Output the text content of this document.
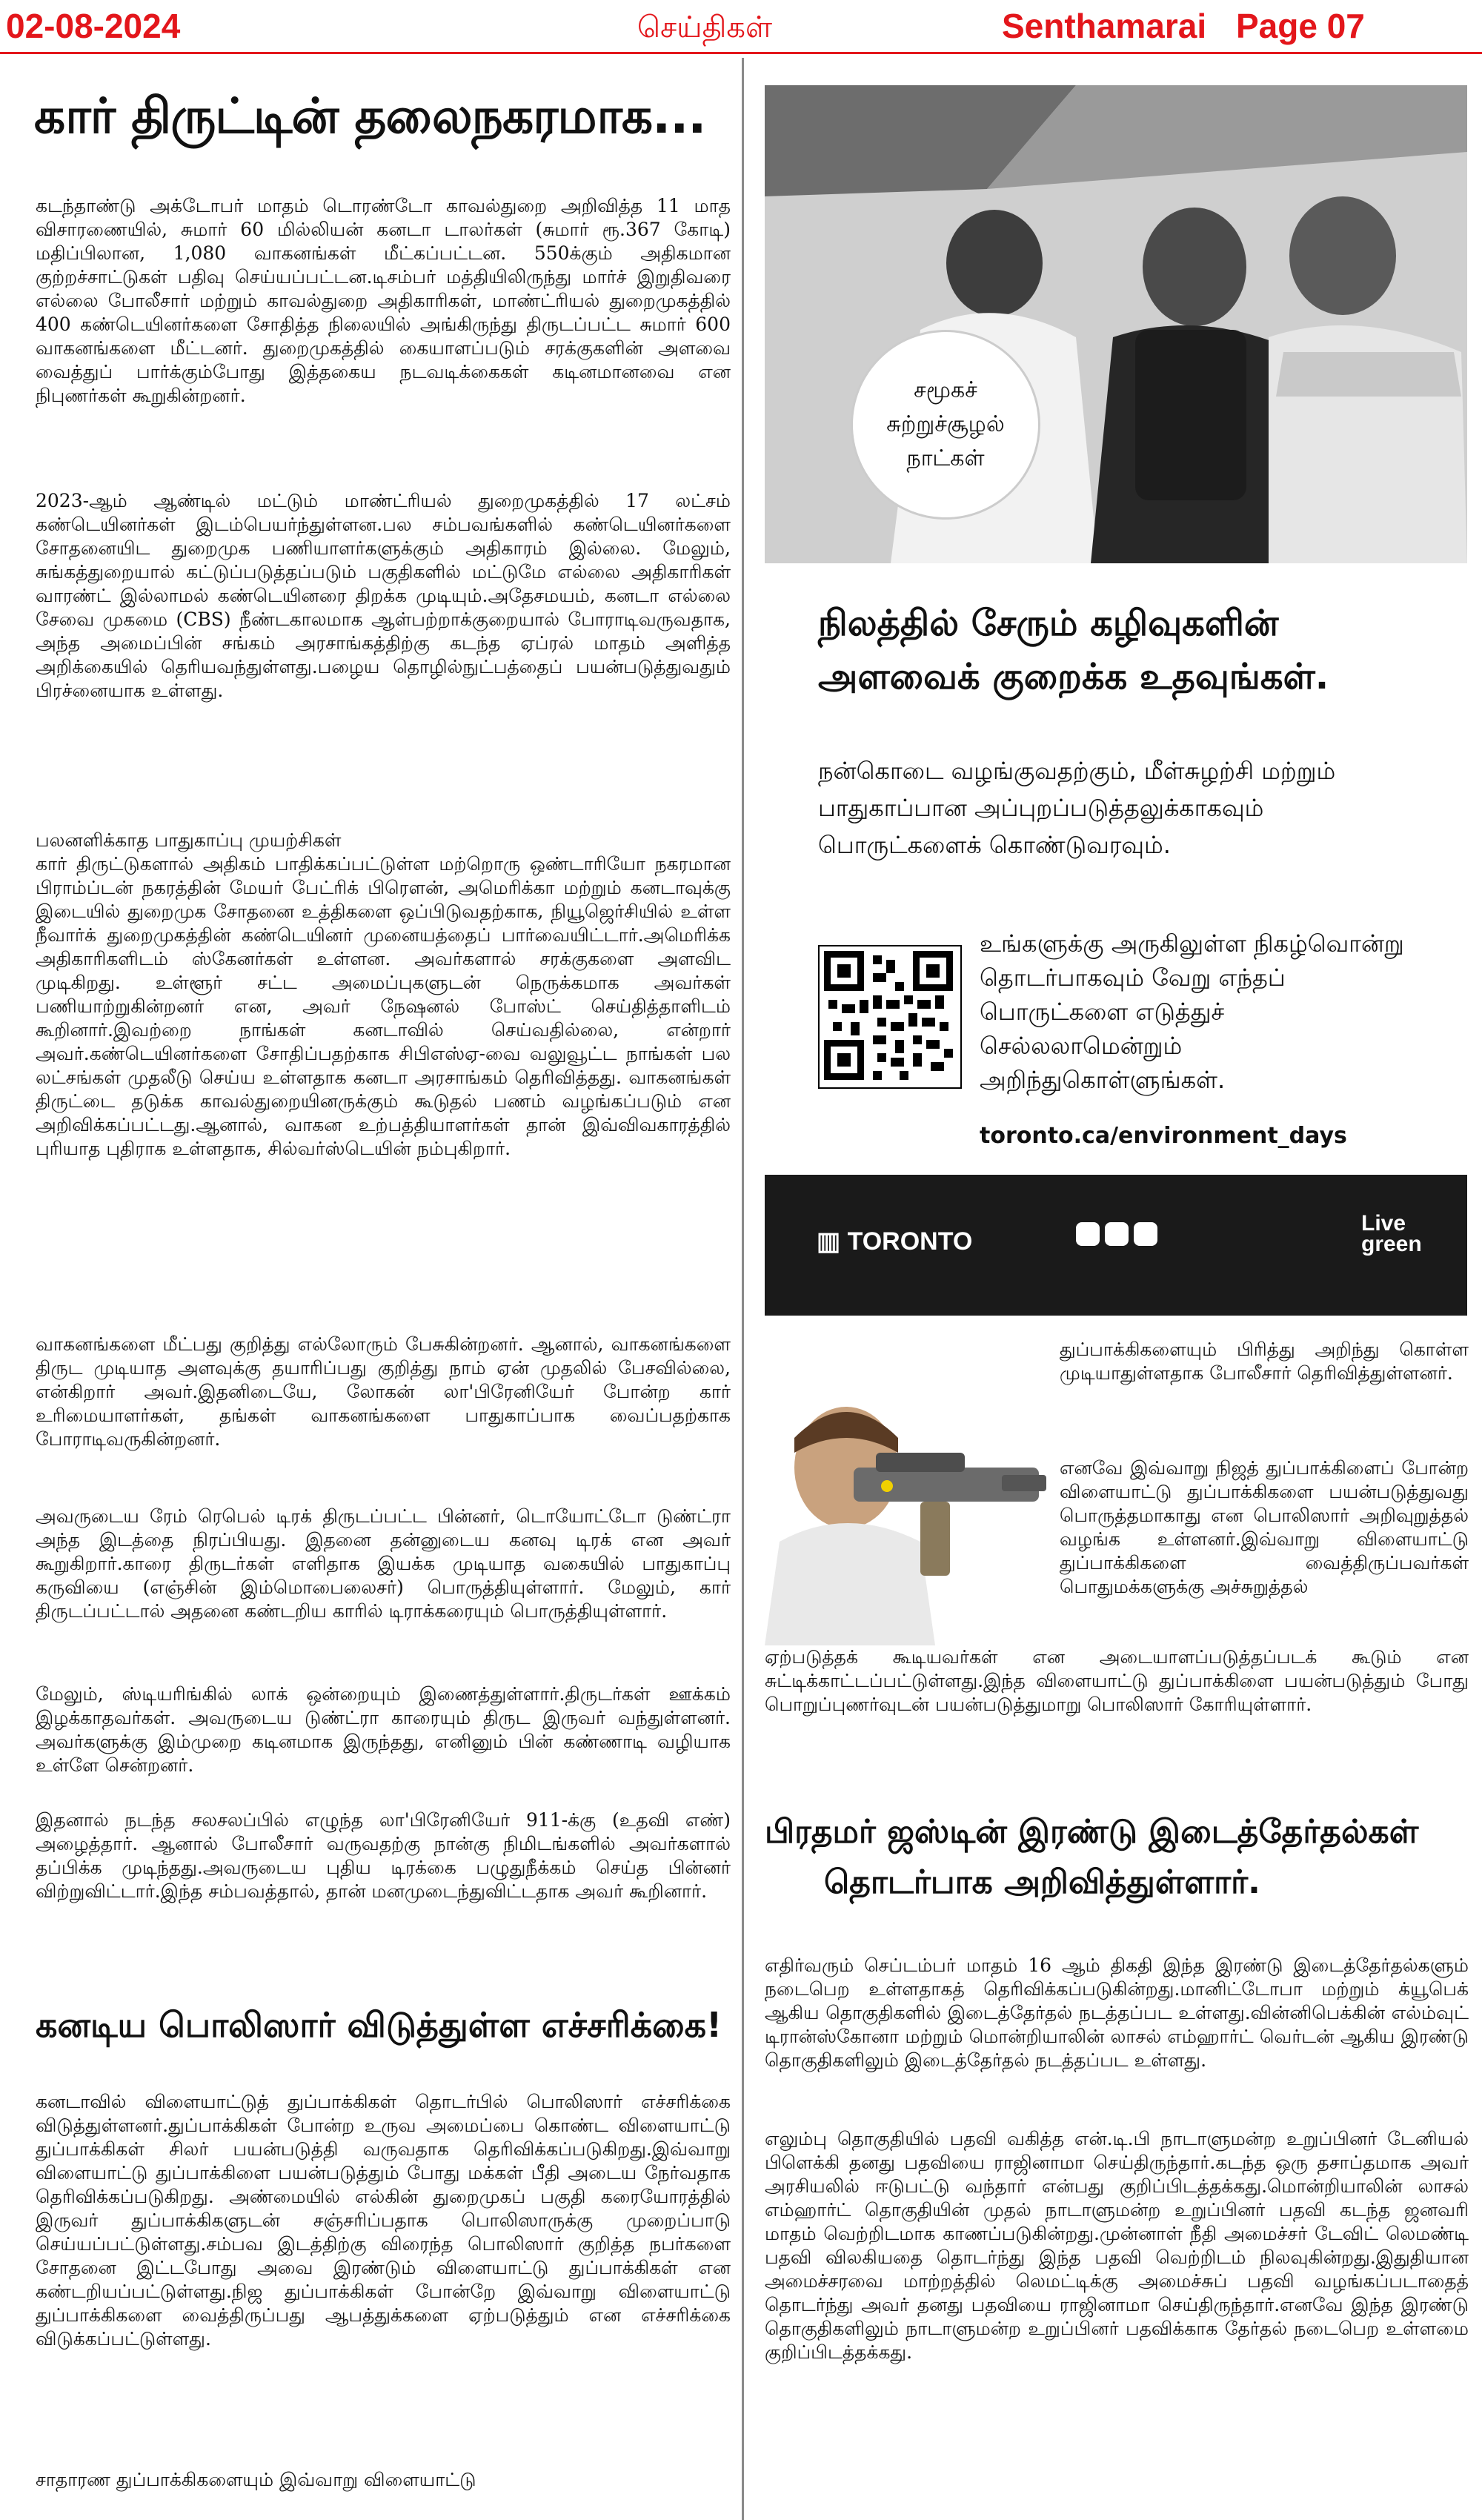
02-08-2024	செய்திகள்	Senthamarai Page 07
கார் திருட்டின் தலைநகரமாக...

கடந்தாண்டு அக்டோபர் மாதம் டொரண்டோ காவல்துறை அறிவித்த 11 மாத விசாரணையில், சுமார் 60 மில்லியன் கனடா டாலர்கள் (சுமார் ரூ.367 கோடி) மதிப்பிலான, 1,080 வாகனங்கள் மீட்கப்பட்டன. 550க்கும் அதிகமான குற்றச்சாட்டுகள் பதிவு செய்யப்பட்டன.டிசம்பர் மத்தியிலிருந்து மார்ச் இறுதிவரை எல்லை போலீசார் மற்றும் காவல்துறை அதிகாரிகள், மாண்ட்ரியல் துறைமுகத்தில் 400 கண்டெயினர்களை சோதித்த நிலையில் அங்கிருந்து திருடப்பட்ட சுமார் 600 வாகனங்களை மீட்டனர். துறைமுகத்தில் கையாளப்படும் சரக்குகளின் அளவை வைத்துப் பார்க்கும்போது இத்தகைய நடவடிக்கைகள் கடினமானவை என நிபுணர்கள் கூறுகின்றனர்.

2023-ஆம் ஆண்டில் மட்டும் மாண்ட்ரியல் துறைமுகத்தில் 17 லட்சம் கண்டெயினர்கள் இடம்பெயர்ந்துள்ளன.பல சம்பவங்களில் கண்டெயினர்களை சோதனையிட துறைமுக பணியாளர்களுக்கும் அதிகாரம் இல்லை. மேலும், சுங்கத்துறையால் கட்டுப்படுத்தப்படும் பகுதிகளில் மட்டுமே எல்லை அதிகாரிகள் வாரண்ட் இல்லாமல் கண்டெயினரை திறக்க முடியும்.அதேசமயம், கனடா எல்லை சேவை முகமை (CBS) நீண்டகாலமாக ஆள்பற்றாக்குறையால் போராடிவருவதாக, அந்த அமைப்பின் சங்கம் அரசாங்கத்திற்கு கடந்த ஏப்ரல் மாதம் அளித்த அறிக்கையில் தெரியவந்துள்ளது.பழைய தொழில்நுட்பத்தைப் பயன்படுத்துவதும் பிரச்னையாக உள்ளது.

பலனளிக்காத பாதுகாப்பு முயற்சிகள்
கார் திருட்டுகளால் அதிகம் பாதிக்கப்பட்டுள்ள மற்றொரு ஒண்டாரியோ நகரமான பிராம்ப்டன் நகரத்தின் மேயர் பேட்ரிக் பிரௌன், அமெரிக்கா மற்றும் கனடாவுக்கு இடையில் துறைமுக சோதனை உத்திகளை ஒப்பிடுவதற்காக, நியூஜெர்சியில் உள்ள நீவார்க் துறைமுகத்தின் கண்டெயினர் முனையத்தைப் பார்வையிட்டார்.அமெரிக்க அதிகாரிகளிடம் ஸ்கேனர்கள் உள்ளன. அவர்களால் சரக்குகளை அளவிட முடிகிறது. உள்ளூர் சட்ட அமைப்புகளுடன் நெருக்கமாக அவர்கள் பணியாற்றுகின்றனர் என, அவர் நேஷனல் போஸ்ட் செய்தித்தாளிடம் கூறினார்.இவற்றை நாங்கள் கனடாவில் செய்வதில்லை, என்றார் அவர்.கண்டெயினர்களை சோதிப்பதற்காக சிபிஎஸ்ஏ-வை வலுவூட்ட நாங்கள் பல லட்சங்கள் முதலீடு செய்ய உள்ளதாக கனடா அரசாங்கம் தெரிவித்தது. வாகனங்கள் திருட்டை தடுக்க காவல்துறையினருக்கும் கூடுதல் பணம் வழங்கப்படும் என அறிவிக்கப்பட்டது.ஆனால், வாகன உற்பத்தியாளர்கள் தான் இவ்விவகாரத்தில் புரியாத புதிராக உள்ளதாக, சில்வர்ஸ்டெயின் நம்புகிறார்.

வாகனங்களை மீட்பது குறித்து எல்லோரும் பேசுகின்றனர். ஆனால், வாகனங்களை திருட முடியாத அளவுக்கு தயாரிப்பது குறித்து நாம் ஏன் முதலில் பேசவில்லை, என்கிறார் அவர்.இதனிடையே, லோகன் லா'பிரேனியேர் போன்ற கார் உரிமையாளர்கள், தங்கள் வாகனங்களை பாதுகாப்பாக வைப்பதற்காக போராடிவருகின்றனர்.

அவருடைய ரேம் ரெபெல் டிரக் திருடப்பட்ட பின்னர், டொயோட்டோ டுண்ட்ரா அந்த இடத்தை நிரப்பியது. இதனை தன்னுடைய கனவு டிரக் என அவர் கூறுகிறார்.காரை திருடர்கள் எளிதாக இயக்க முடியாத வகையில் பாதுகாப்பு கருவியை (எஞ்சின் இம்மொபைலைசர்) பொருத்தியுள்ளார். மேலும், கார் திருடப்பட்டால் அதனை கண்டறிய காரில் டிராக்கரையும் பொருத்தியுள்ளார்.

மேலும், ஸ்டியரிங்கில் லாக் ஒன்றையும் இணைத்துள்ளார்.திருடர்கள் ஊக்கம் இழக்காதவர்கள். அவருடைய டுண்ட்ரா காரையும் திருட இருவர் வந்துள்ளனர். அவர்களுக்கு இம்முறை கடினமாக இருந்தது, எனினும் பின் கண்ணாடி வழியாக உள்ளே சென்றனர்.

இதனால் நடந்த சலசலப்பில் எழுந்த லா'பிரேனியேர் 911-க்கு (உதவி எண்) அழைத்தார். ஆனால் போலீசார் வருவதற்கு நான்கு நிமிடங்களில் அவர்களால் தப்பிக்க முடிந்தது.அவருடைய புதிய டிரக்கை பழுதுநீக்கம் செய்த பின்னர் விற்றுவிட்டார்.இந்த சம்பவத்தால், தான் மனமுடைந்துவிட்டதாக அவர் கூறினார்.

கனடிய பொலிஸார் விடுத்துள்ள எச்சரிக்கை!

கனடாவில் விளையாட்டுத் துப்பாக்கிகள் தொடர்பில் பொலிஸார் எச்சரிக்கை விடுத்துள்ளனர்.துப்பாக்கிகள் போன்ற உருவ அமைப்பை கொண்ட விளையாட்டு துப்பாக்கிகள் சிலர் பயன்படுத்தி வருவதாக தெரிவிக்கப்படுகிறது.இவ்வாறு விளையாட்டு துப்பாக்கிளை பயன்படுத்தும் போது மக்கள் பீதி அடைய நேர்வதாக தெரிவிக்கப்படுகிறது. அண்மையில் எல்கின் துறைமுகப் பகுதி கரையோரத்தில் இருவர் துப்பாக்கிகளுடன் சஞ்சரிப்பதாக பொலிஸாருக்கு முறைப்பாடு செய்யப்பட்டுள்ளது.சம்பவ இடத்திற்கு விரைந்த பொலிஸார் குறித்த நபர்களை சோதனை இட்டபோது அவை இரண்டும் விளையாட்டு துப்பாக்கிகள் என கண்டறியப்பட்டுள்ளது.நிஜ துப்பாக்கிகள் போன்றே இவ்வாறு விளையாட்டு துப்பாக்கிகளை வைத்திருப்பது ஆபத்துக்களை ஏற்படுத்தும் என எச்சரிக்கை விடுக்கப்பட்டுள்ளது.

சாதாரண துப்பாக்கிகளையும் இவ்வாறு விளையாட்டு

சமூகச் சுற்றுச்சூழல் நாட்கள்
நிலத்தில் சேரும் கழிவுகளின் அளவைக் குறைக்க உதவுங்கள்.
நன்கொடை வழங்குவதற்கும், மீள்சுழற்சி மற்றும் பாதுகாப்பான அப்புறப்படுத்தலுக்காகவும் பொருட்களைக் கொண்டுவரவும்.
உங்களுக்கு அருகிலுள்ள நிகழ்வொன்று தொடர்பாகவும் வேறு எந்தப் பொருட்களை எடுத்துச் செல்லலாமென்றும் அறிந்துகொள்ளுங்கள்.
toronto.ca/environment_days
▥ TORONTO
Live
green

துப்பாக்கிகளையும் பிரித்து அறிந்து கொள்ள முடியாதுள்ளதாக போலீசார் தெரிவித்துள்ளனர்.

எனவே இவ்வாறு நிஜத் துப்பாக்கிளைப் போன்ற விளையாட்டு துப்பாக்கிகளை பயன்படுத்துவது பொருத்தமாகாது என பொலிஸார் அறிவுறுத்தல் வழங்க உள்ளனர்.இவ்வாறு விளையாட்டு துப்பாக்கிகளை வைத்திருப்பவர்கள் பொதுமக்களுக்கு அச்சுறுத்தல்

ஏற்படுத்தக் கூடியவர்கள் என அடையாளப்படுத்தப்படக் கூடும் என சுட்டிக்காட்டப்பட்டுள்ளது.இந்த விளையாட்டு துப்பாக்கிளை பயன்படுத்தும் போது பொறுப்புணர்வுடன் பயன்படுத்துமாறு பொலிஸார் கோரியுள்ளார்.

பிரதமர் ஜஸ்டின் இரண்டு இடைத்தேர்தல்கள்
தொடர்பாக அறிவித்துள்ளார்.

எதிர்வரும் செப்டம்பர் மாதம் 16 ஆம் திகதி இந்த இரண்டு இடைத்தேர்தல்களும் நடைபெற உள்ளதாகத் தெரிவிக்கப்படுகின்றது.மானிட்டோபா மற்றும் க்யூபெக் ஆகிய தொகுதிகளில் இடைத்தேர்தல் நடத்தப்பட உள்ளது.வின்னிபெக்கின் எல்ம்வுட் டிரான்ஸ்கோனா மற்றும் மொன்றியாலின் லாசல் எம்ஹார்ட் வெர்டன் ஆகிய இரண்டு தொகுதிகளிலும் இடைத்தேர்தல் நடத்தப்பட உள்ளது.

எலும்பு தொகுதியில் பதவி வகித்த என்.டி.பி நாடாளுமன்ற உறுப்பினர் டேனியல் பிளெக்கி தனது பதவியை ராஜினாமா செய்திருந்தார்.கடந்த ஒரு தசாப்தமாக அவர் அரசியலில் ஈடுபட்டு வந்தார் என்பது குறிப்பிடத்தக்கது.மொன்றியாலின் லாசல் எம்ஹார்ட் தொகுதியின் முதல் நாடாளுமன்ற உறுப்பினர் பதவி கடந்த ஜனவரி மாதம் வெற்றிடமாக காணப்படுகின்றது.முன்னாள் நீதி அமைச்சர் டேவிட் லெமண்டி பதவி விலகியதை தொடர்ந்து இந்த பதவி வெற்றிடம் நிலவுகின்றது.இதுதியான அமைச்சரவை மாற்றத்தில் லெமட்டிக்கு அமைச்சுப் பதவி வழங்கப்படாதைத் தொடர்ந்து அவர் தனது பதவியை ராஜினாமா செய்திருந்தார்.எனவே இந்த இரண்டு தொகுதிகளிலும் நாடாளுமன்ற உறுப்பினர் பதவிக்காக தேர்தல் நடைபெற உள்ளமை குறிப்பிடத்தக்கது.
